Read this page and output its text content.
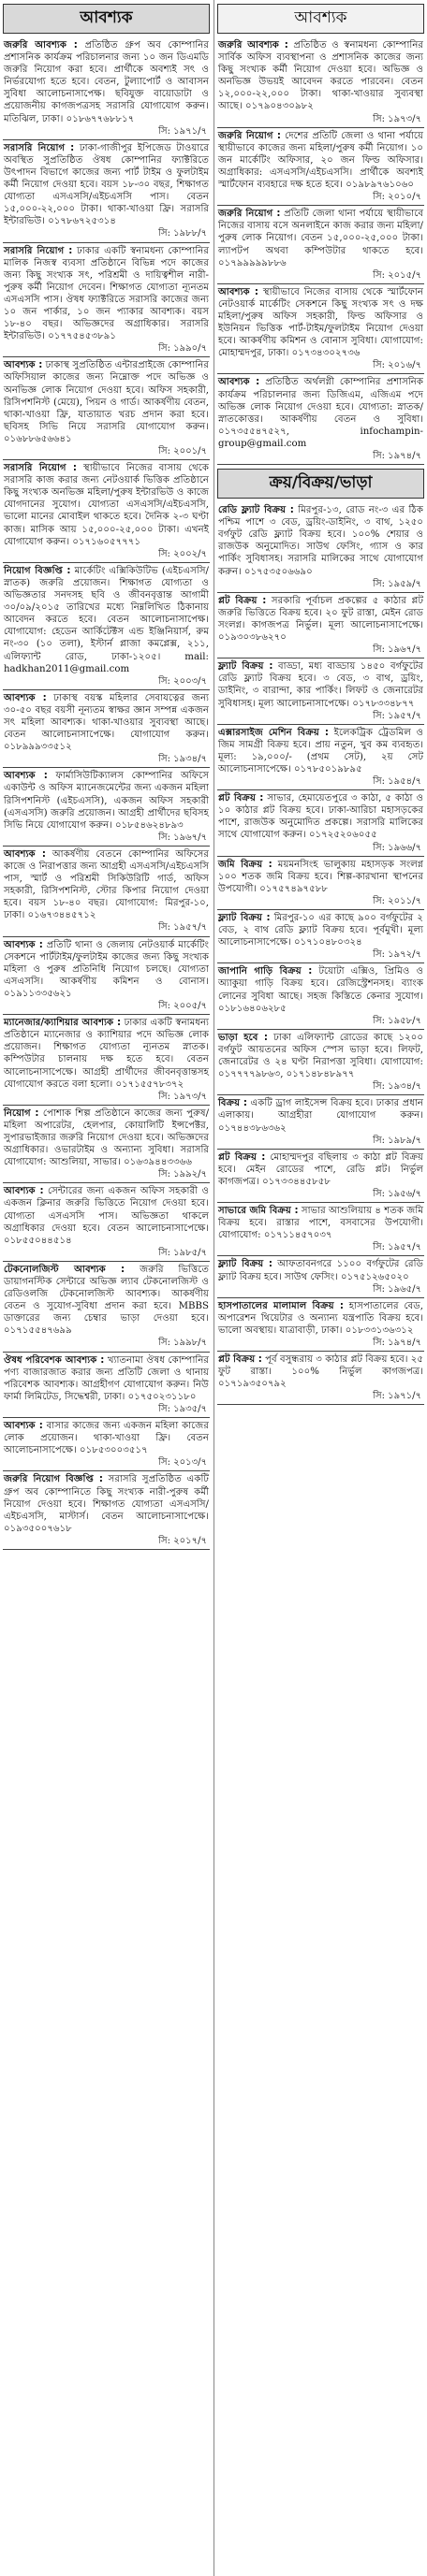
আবশ্যক

জরুরি আবশ্যক : প্রতিষ্ঠিত গ্রুপ অব কোম্পানির প্রশাসনিক কার্যক্রম পরিচালনার জন্য ১০ জন ডিএমডি জরুরি নিয়োগ করা হবে। প্রার্থীকে অবশ্যই সৎ ও নির্ভরযোগ্য হতে হবে। বেতন, টুল্যাপোর্ট ও আবাসন সুবিধা আলোচনাসাপেক্ষ। ছবিযুক্ত বায়োডাটা ও প্রয়োজনীয় কাগজপত্রসহ সরাসরি যোগাযোগ করুন। মতিঝিল, ঢাকা। ০১৮৬৭৭৬৮৮১৭
সি: ১৯৭১/৭

সরাসরি নিয়োগ : ঢাকা-গাজীপুর ইপিজেড টাওয়ারে অবস্থিত সুপ্রতিষ্ঠিত ঔষধ কোম্পানির ফ্যাক্টরিতে উৎপাদন বিভাগে কাজের জন্য পার্ট টাইম ও ফুলটাইম কর্মী নিয়োগ দেওয়া হবে। বয়স ১৮-৩০ বছর, শিক্ষাগত যোগ্যতা এসএসসি/এইচএসসি পাস। বেতন ১৫,০০০-২২,০০০ টাকা। থাকা-খাওয়া ফ্রি। সরাসরি ইন্টারভিউ। ০১৭৮৬৭২৫৩১৪
সি: ১৯৮৮/৭

সরাসরি নিয়োগ : ঢাকার একটি স্বনামধন্য কোম্পানির মালিক নিজস্ব ব্যবসা প্রতিষ্ঠানে বিভিন্ন পদে কাজের জন্য কিছু সংখ্যক সৎ, পরিশ্রমী ও দায়িত্বশীল নারী-পুরুষ কর্মী নিয়োগ দেবেন। শিক্ষাগত যোগ্যতা ন্যূনতম এসএসসি পাস। ঔষধ ফ্যাক্টরিতে সরাসরি কাজের জন্য ১০ জন পার্কার, ১০ জন প্যাকার আবশ্যক। বয়স ১৮-৪০ বছর। অভিজ্ঞদের অগ্রাধিকার। সরাসরি ইন্টারভিউ। ০১৭৭৫৪৫৩৮৯১
সি: ১৯৯০/৭

আবশ্যক : ঢাকাস্থ সুপ্রতিষ্ঠিত এন্টারপ্রাইজে কোম্পানির অফিসিয়াল কাজের জন্য নিম্নোক্ত পদে অভিজ্ঞ ও অনভিজ্ঞ লোক নিয়োগ দেওয়া হবে। অফিস সহকারী, রিসিপশনিস্ট (মেয়ে), পিয়ন ও গার্ড। আকর্ষণীয় বেতন, থাকা-খাওয়া ফ্রি, যাতায়াত খরচ প্রদান করা হবে। ছবিসহ সিভি নিয়ে সরাসরি যোগাযোগ করুন। ০১৬৮৮৬৫৬৬৪১
সি: ২০০১/৭

সরাসরি নিয়োগ : স্থায়ীভাবে নিজের বাসায় থেকে সরাসরি কাজ করার জন্য নেটওয়ার্ক ভিত্তিক প্রতিষ্ঠানে কিছু সংখ্যক অনভিজ্ঞ মহিলা/পুরুষ ইন্টারভিউ ও কাজে যোগদানের সুযোগ। যোগ্যতা এসএসসি/এইচএসসি, ভালো মানের মোবাইল থাকতে হবে। দৈনিক ২-৩ ঘণ্টা কাজ। মাসিক আয় ১৫,০০০-২৫,০০০ টাকা। এখনই যোগাযোগ করুন। ০১৭১৬০৫৭৭৭১
সি: ২০০২/৭

নিয়োগ বিজ্ঞপ্তি : মার্কেটিং এক্সিকিউটিভ (এইচএসসি/স্নাতক) জরুরি প্রয়োজন। শিক্ষাগত যোগ্যতা ও অভিজ্ঞতার সনদসহ ছবি ও জীবনবৃত্তান্ত আগামী ৩০/০৯/২০১৫ তারিখের মধ্যে নিম্নলিখিত ঠিকানায় আবেদন করতে হবে। বেতন আলোচনাসাপেক্ষ। যোগাযোগ: হেডেন আর্কিটেক্টস এন্ড ইঞ্জিনিয়ার্স, রুম নং-৩০ (১০ তলা), ইস্টার্ন প্লাজা কমপ্লেক্স, ২১১, এলিফ্যান্ট রোড, ঢাকা-১২০৫। mail: hadkhan2011@gmail.com
সি: ২০০৩/৭

আবশ্যক : ঢাকাস্থ বয়স্ক মহিলার সেবাযত্নের জন্য ৩০-৫০ বছর বয়সী নূন্যতম স্বাক্ষর জ্ঞান সম্পন্ন একজন সৎ মহিলা আবশ্যক। থাকা-খাওয়ার সুব্যবস্থা আছে। বেতন আলোচনাসাপেক্ষে। যোগাযোগ করুন। ০১৮৯৯৯৩৩৫১২
সি: ১৯৩৪/৭

আবশ্যক : ফার্মাসিউটিক্যালস কোম্পানির অফিসে একাউন্ট ও অফিস ম্যানেজমেন্টের জন্য একজন মহিলা রিসিপশনিস্ট (এইচএসসি), একজন অফিস সহকারী (এসএসসি) জরুরি প্রয়োজন। আগ্রহী প্রার্থীদের ছবিসহ সিভি নিয়ে যোগাযোগ করুন। ০১৮৫৪৬২৪৮৯৩
সি: ১৯৬৭/৭

আবশ্যক : আকর্ষণীয় বেতনে কোম্পানির অফিসের কাজে ও নিরাপত্তার জন্য আগ্রহী এসএসসি/এইচএসসি পাস, স্মার্ট ও পরিশ্রমী সিকিউরিটি গার্ড, অফিস সহকারী, রিসিপশনিস্ট, স্টোর কিপার নিয়োগ দেওয়া হবে। বয়স ১৮-৪০ বছর। যোগাযোগ: মিরপুর-১০, ঢাকা। ০১৬৭৩৪৪৫৭১২
সি: ১৯৫৭/৭

আবশ্যক : প্রতিটি থানা ও জেলায় নেটওয়ার্ক মার্কেটিং সেকশনে পার্টটাইম/ফুলটাইম কাজের জন্য কিছু সংখ্যক মহিলা ও পুরুষ প্রতিনিধি নিয়োগ চলছে। যোগ্যতা এসএসসি। আকর্ষণীয় কমিশন ও বোনাস। ০১৯১১৩৩৫৬২১
সি: ২০০৫/৭

ম্যানেজার/ক্যাশিয়ার আবশ্যক : ঢাকার একটি স্বনামধন্য প্রতিষ্ঠানে ম্যানেজার ও ক্যাশিয়ার পদে অভিজ্ঞ লোক প্রয়োজন। শিক্ষাগত যোগ্যতা ন্যূনতম স্নাতক। কম্পিউটার চালনায় দক্ষ হতে হবে। বেতন আলোচনাসাপেক্ষে। আগ্রহী প্রার্থীদের জীবনবৃত্তান্তসহ যোগাযোগ করতে বলা হলো। ০১৭১৫৫৭৮৩৭২
সি: ১৯৭৩/৭

নিয়োগ : পোশাক শিল্প প্রতিষ্ঠানে কাজের জন্য পুরুষ/মহিলা অপারেটর, হেলপার, কোয়ালিটি ইন্সপেক্টর, সুপারভাইজার জরুরি নিয়োগ দেওয়া হবে। অভিজ্ঞদের অগ্রাধিকার। ওভারটাইম ও অন্যান্য সুবিধা। সরাসরি যোগাযোগ: আশুলিয়া, সাভার। ০১৬৩৯৪৪৩৩৬৬
সি: ১৯৯২/৭

আবশ্যক : সেন্টারের জন্য একজন অফিস সহকারী ও একজন ক্লিনার জরুরি ভিত্তিতে নিয়োগ দেওয়া হবে। যোগ্যতা এসএসসি পাস। অভিজ্ঞতা থাকলে অগ্রাধিকার দেওয়া হবে। বেতন আলোচনাসাপেক্ষে। ০১৮৫৫০৪৪৫১৪
সি: ১৯৮৫/৭

টেকনোলজিস্ট আবশ্যক : জরুরি ভিত্তিতে ডায়াগনস্টিক সেন্টারে অভিজ্ঞ ল্যাব টেকনোলজিস্ট ও রেডিওলজি টেকনোলজিস্ট আবশ্যক। আকর্ষণীয় বেতন ও সুযোগ-সুবিধা প্রদান করা হবে। MBBS ডাক্তারের জন্য চেম্বার ভাড়া দেওয়া হবে। ০১৭১৫৫৪৭৬৯৯
সি: ১৯৯৮/৭

ঔষধ পরিবেশক আবশ্যক : খ্যাতনামা ঔষধ কোম্পানির পণ্য বাজারজাত করার জন্য প্রতিটি জেলা ও থানায় পরিবেশক আবশ্যক। আগ্রহীগণ যোগাযোগ করুন। নিউ ফার্মা লিমিটেড, সিদ্ধেশ্বরী, ঢাকা। ০১৭৫০২৩১১৮০
সি: ১৯৩৫/৭

আবশ্যক : বাসার কাজের জন্য একজন মহিলা কাজের লোক প্রয়োজন। থাকা-খাওয়া ফ্রি। বেতন আলোচনাসাপেক্ষে। ০১৮৫৩০০৩৫১৭
সি: ২০১৩/৭

জরুরি নিয়োগ বিজ্ঞপ্তি : সরাসরি সুপ্রতিষ্ঠিত একটি গ্রুপ অব কোম্পানিতে কিছু সংখ্যক নারী-পুরুষ কর্মী নিয়োগ দেওয়া হবে। শিক্ষাগত যোগ্যতা এসএসসি/এইচএসসি, মাস্টার্স। বেতন আলোচনাসাপেক্ষে। ০১৯৩৫০০৭৬১৮
সি: ২০১৭/৭

আবশ্যক

জরুরি আবশ্যক : প্রতিষ্ঠিত ও স্বনামধন্য কোম্পানির সার্বিক অফিস ব্যবস্থাপনা ও প্রশাসনিক কাজের জন্য কিছু সংখ্যক কর্মী নিয়োগ দেওয়া হবে। অভিজ্ঞ ও অনভিজ্ঞ উভয়ই আবেদন করতে পারবেন। বেতন ১২,০০০-২২,০০০ টাকা। থাকা-খাওয়ার সুব্যবস্থা আছে। ০১৭৯০৪৩০৯৮২
সি: ১৯৭৩/৭

জরুরি নিয়োগ : দেশের প্রতিটি জেলা ও থানা পর্যায়ে স্থায়ীভাবে কাজের জন্য মহিলা/পুরুষ কর্মী নিয়োগ। ১০ জন মার্কেটিং অফিসার, ২০ জন ফিল্ড অফিসার। অগ্রাধিকার: এসএসসি/এইচএসসি। প্রার্থীকে অবশ্যই স্মার্টফোন ব্যবহারে দক্ষ হতে হবে। ০১৯৮৯৭৬১০৬০
সি: ২০১০/৭

জরুরি নিয়োগ : প্রতিটি জেলা থানা পর্যায়ে স্থায়ীভাবে নিজের বাসায় বসে অনলাইনে কাজ করার জন্য মহিলা/পুরুষ লোক নিয়োগ। বেতন ১৫,০০০-২৫,০০০ টাকা। ল্যাপটপ অথবা কম্পিউটার থাকতে হবে। ০১৭৯৯৯৯৯৮৮৬
সি: ২০১৫/৭

আবশ্যক : স্থায়ীভাবে নিজের বাসায় থেকে স্মার্টফোন নেটওয়ার্ক মার্কেটিং সেকশনে কিছু সংখ্যক সৎ ও দক্ষ মহিলা/পুরুষ অফিস সহকারী, ফিল্ড অফিসার ও ইউনিয়ন ভিত্তিক পার্ট-টাইম/ফুলটাইম নিয়োগ দেওয়া হবে। আকর্ষণীয় কমিশন ও বোনাস সুবিধা। যোগাযোগ: মোহাম্মদপুর, ঢাকা। ০১৭৩৪৩০২৭৩৬
সি: ২০১৬/৭

আবশ্যক : প্রতিষ্ঠিত অর্থলগ্নী কোম্পানির প্রশাসনিক কার্যক্রম পরিচালনার জন্য ডিজিএম, এজিএম পদে অভিজ্ঞ লোক নিয়োগ দেওয়া হবে। যোগ্যতা: স্নাতক/স্নাতকোত্তর। আকর্ষণীয় বেতন ও সুবিধা। ০১৭৩৫৫৪৭৫২৭, infochampin-group@gmail.com
সি: ১৯৭৪/৭

ক্রয়/বিক্রয়/ভাড়া

রেডি ফ্ল্যাট বিক্রয় : মিরপুর-১৩, রোড নং-৩ এর ঠিক পশ্চিম পাশে ৩ বেড, ড্রয়িং-ডাইনিং, ৩ বাথ, ১২৫০ বর্গফুট রেডি ফ্ল্যাট বিক্রয় হবে। ১০০% শেয়ার ও রাজউক অনুমোদিত। সাউথ ফেসিং, গ্যাস ও কার পার্কিং সুবিধাসহ। সরাসরি মালিকের সাথে যোগাযোগ করুন। ০১৭৫৩৫০৬৬৯০
সি: ১৯৫৯/৭

প্লট বিক্রয় : সরকারি পূর্বাচল প্রকল্পের ৫ কাঠার প্লট জরুরি ভিত্তিতে বিক্রয় হবে। ২০ ফুট রাস্তা, মেইন রোড সংলগ্ন। কাগজপত্র নির্ভুল। মূল্য আলোচনাসাপেক্ষে। ০১৯৩০৩৮৬২৭০
সি: ১৯৬৭/৭

ফ্ল্যাট বিক্রয় : বাড্ডা, মধ্য বাড্ডায় ১৪৫০ বর্গফুটের রেডি ফ্ল্যাট বিক্রয় হবে। ৩ বেড, ৩ বাথ, ড্রয়িং, ডাইনিং, ৩ বারান্দা, কার পার্কিং। লিফট ও জেনারেটর সুবিধাসহ। মূল্য আলোচনাসাপেক্ষে। ০১৭৮৩৩৪৮৭৭
সি: ১৯৫৭/৭

এক্সারসাইজ মেশিন বিক্রয় : ইলেকট্রিক ট্রেডমিল ও জিম সামগ্রী বিক্রয় হবে। প্রায় নতুন, খুব কম ব্যবহৃত। মূল্য: ১৯,০০০/- (প্রথম সেট), ২য় সেট আলোচনাসাপেক্ষে। ০১৭৮৫০১৯৮৯৫
সি: ১৯৫৪/৭

প্লট বিক্রয় : সাভার, হেমায়েতপুরে ৩ কাঠা, ৫ কাঠা ও ১০ কাঠার প্লট বিক্রয় হবে। ঢাকা-আরিচা মহাসড়কের পাশে, রাজউক অনুমোদিত প্রকল্পে। সরাসরি মালিকের সাথে যোগাযোগ করুন। ০১৭২৫২০৬০৫৫
সি: ১৯৬৬/৭

জমি বিক্রয় : ময়মনসিংহ ভালুকায় মহাসড়ক সংলগ্ন ১০০ শতক জমি বিক্রয় হবে। শিল্প-কারখানা স্থাপনের উপযোগী। ০১৭৫৭৪৯৭৫৮৮
সি: ২০১১/৭

ফ্ল্যাট বিক্রয় : মিরপুর-১০ এর কাছে ৯০০ বর্গফুটের ২ বেড, ২ বাথ রেডি ফ্ল্যাট বিক্রয় হবে। পূর্বমুখী। মূল্য আলোচনাসাপেক্ষে। ০১৭১০৪৮০৩২৪
সি: ১৯৭২/৭

জাপানি গাড়ি বিক্রয় : টয়োটা এক্সিও, প্রিমিও ও অ্যাকুয়া গাড়ি বিক্রয় হবে। রেজিস্ট্রেশনসহ। ব্যাংক লোনের সুবিধা আছে। সহজ কিস্তিতে কেনার সুযোগ। ০১৮১৬৪০৬২৮৫
সি: ১৯৫৮/৭

ভাড়া হবে : ঢাকা এলিফ্যান্ট রোডের কাছে ১২০০ বর্গফুট আয়তনের অফিস স্পেস ভাড়া হবে। লিফট, জেনারেটর ও ২৪ ঘণ্টা নিরাপত্তা সুবিধা। যোগাযোগ: ০১৭৭৭৭৯৮৬৩, ০১৭১৪৮৪৮৯৭৭
সি: ১৯৩৪/৭

বিক্রয় : একটি ড্রাগ লাইসেন্স বিক্রয় হবে। ঢাকার প্রধান এলাকায়। আগ্রহীরা যোগাযোগ করুন। ০১৭৪৪৩৮৬৩৬২
সি: ১৯৮৯/৭

প্লট বিক্রয় : মোহাম্মদপুর বছিলায় ৩ কাঠা প্লট বিক্রয় হবে। মেইন রোডের পাশে, রেডি প্লট। নির্ভুল কাগজপত্র। ০১৭৩৩৪৪৫৮৫৮
সি: ১৯৫৬/৭

সাভারে জমি বিক্রয় : সাভার আশুলিয়ায় ৪ শতক জমি বিক্রয় হবে। রাস্তার পাশে, বসবাসের উপযোগী। যোগাযোগ: ০১৭১১৪৫৭০৩৭
সি: ১৯৫৭/৭

ফ্ল্যাট বিক্রয় : আফতাবনগরে ১১০০ বর্গফুটের রেডি ফ্ল্যাট বিক্রয় হবে। সাউথ ফেসিং। ০১৭৫১২৬৫০২০
সি: ১৯৬৫/৭

হাসপাতালের মালামাল বিক্রয় : হাসপাতালের বেড, অপারেশন থিয়েটার ও অন্যান্য যন্ত্রপাতি বিক্রয় হবে। ভালো অবস্থায়। যাত্রাবাড়ী, ঢাকা। ০১৮৩৩১৩৬৩১২
সি: ১৯৭৪/৭

প্লট বিক্রয় : পূর্ব বসুন্ধরায় ৩ কাঠার প্লট বিক্রয় হবে। ২৫ ফুট রাস্তা। ১০০% নির্ভুল কাগজপত্র। ০১৭১৯৩৫০৭৯২
সি: ১৯৭১/৭
